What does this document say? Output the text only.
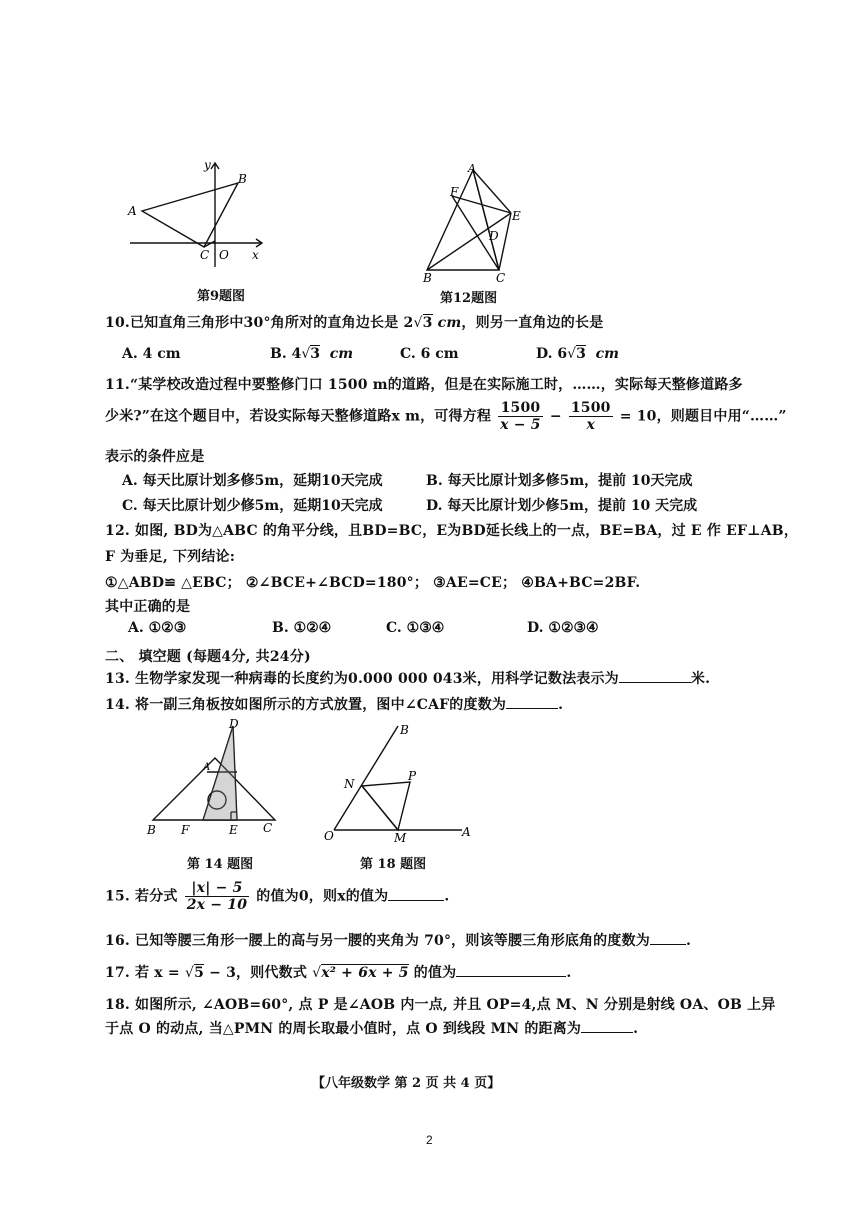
y
B
A
C O x
第9题图
A
F
E
D
B	C
第12题图
10.已知直角三角形中30°角所对的直角边长是 2√3 cm，则另一直角边的长是
A. 4 cm	B. 4√3 cm	C. 6 cm	D. 6√3 cm
11.“某学校改造过程中要整修门口 1500 m的道路，但是在实际施工时，……，实际每天整修道路多
少米?”在这个题目中，若设实际每天整修道路x m，可得方程 $\frac{1500}{x - 5} - \frac{1500}{x} = 10$，则题目中用“……”
表示的条件应是
A. 每天比原计划多修5m，延期10天完成	B. 每天比原计划多修5m，提前 10天完成
C. 每天比原计划少修5m，延期10天完成	D. 每天比原计划少修5m，提前 10 天完成
12. 如图, BD为△ABC 的角平分线，且BD=BC，E为BD延长线上的一点，BE=BA，过 E 作 EF⊥AB，
F 为垂足, 下列结论:
①△ABD≌ △EBC； ②∠BCE+∠BCD=180°； ③AE=CE； ④BA+BC=2BF.
其中正确的是
A. ①②③	B. ①②④	C. ①③④	D. ①②③④
二、 填空题 (每题4分, 共24分)
13. 生物学家发现一种病毒的长度约为0.000 000 043米，用科学记数法表示为	米.
14. 将一副三角板按如图所示的方式放置，图中∠CAF的度数为	.
D
A
B F	E C
第 14 题图
B
P
N
O	M	A
第 18 题图
15. 若分式 $\frac{|x| - 5}{2x - 10}$ 的值为0，则x的值为	.
16. 已知等腰三角形一腰上的高与另一腰的夹角为 70°，则该等腰三角形底角的度数为	.
17. 若 x = √5 − 3，则代数式 √x² + 6x + 5 的值为	.
18. 如图所示, ∠AOB=60°, 点 P 是∠AOB 内一点, 并且 OP=4,点 M、N 分别是射线 OA、OB 上异
于点 O 的动点, 当△PMN 的周长取最小值时，点 O 到线段 MN 的距离为	.
【八年级数学 第 2 页 共 4 页】
2
